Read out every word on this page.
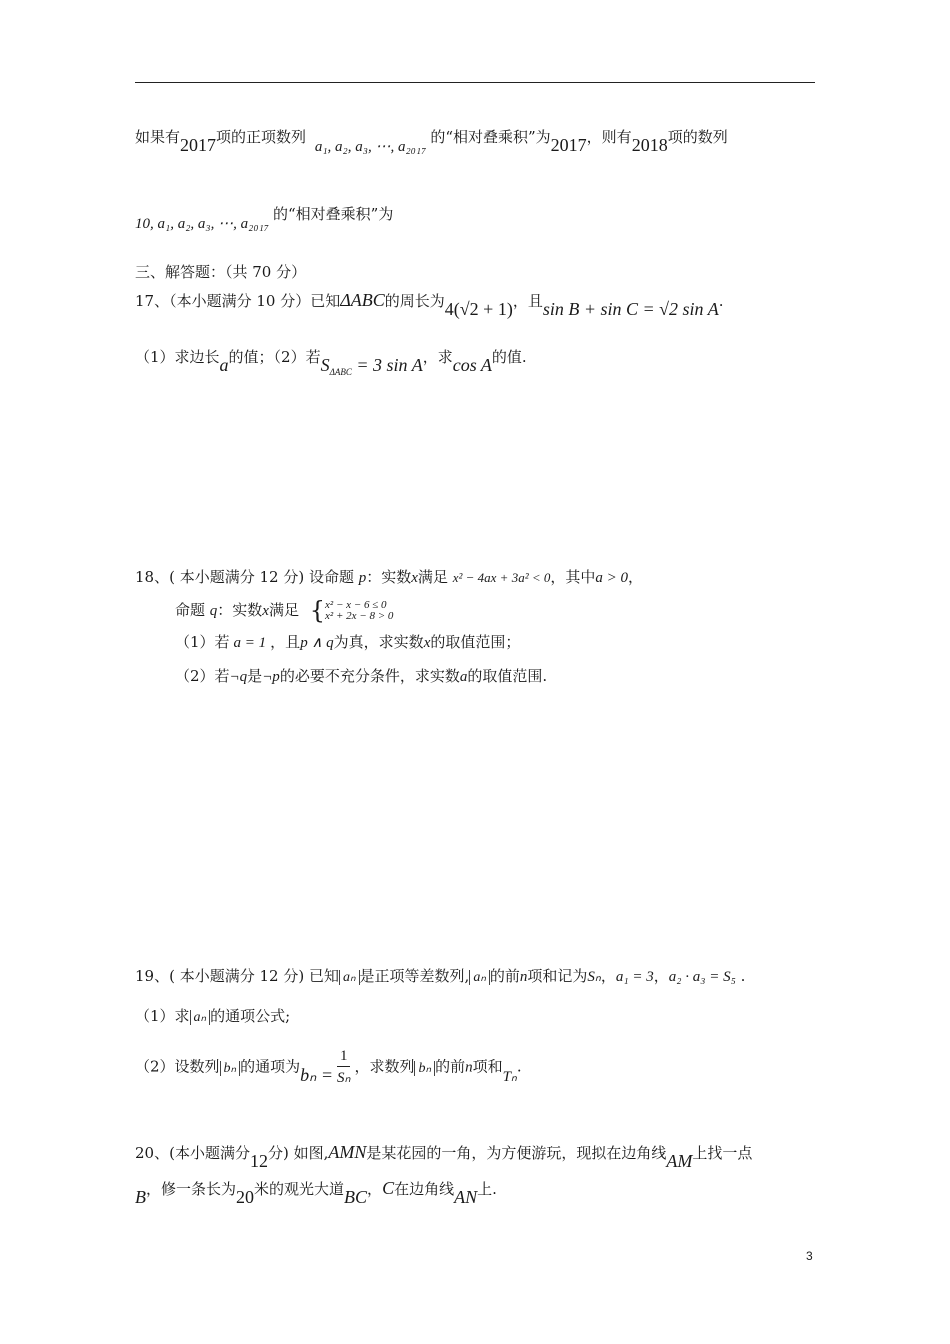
如果有2017项的正项数列 a₁, a₂, a₃, ⋯, a₂₀₁₇的“相对叠乘积”为2017，则有2018项的数列
10, a₁, a₂, a₃, ⋯, a₂₀₁₇的“相对叠乘积”为
三、解答题：（共 70 分）
17、（本小题满分 10 分）已知ΔABC的周长为4(√2 + 1)，且sin B + sin C = √2 sin A.
（1）求边长a的值；（2）若$S_{\Delta ABC} = 3$ sin A，求cos A的值.
18、( 本小题满分 12 分) 设命题 p：实数x满足 x² − 4ax + 3a² < 0，其中a > 0，
命题 q：实数x满足 { x² − x − 6 ≤ 0
x² + 2x − 8 > 0
（1）若 a = 1 ，且p ∧ q为真，求实数x的取值范围；
（2）若¬q是¬p的必要不充分条件，求实数a的取值范围.
19、( 本小题满分 12 分) 已知 aₙ 是正项等差数列, aₙ 的前n项和记为Sₙ，a₁ = 3，a₂ · a₃ = S₅ .
（1）求 aₙ 的通项公式;
（2）设数列 bₙ 的通项为$b_n = \frac{1}{\text{Sₙ}}$ ，求数列 bₙ 的前n项和Tₙ.
20、(本小题满分12分) 如图,AMN是某花园的一角，为方便游玩，现拟在边角线AM上找一点
B，修一条长为20米的观光大道BC，C在边角线AN上.
3
